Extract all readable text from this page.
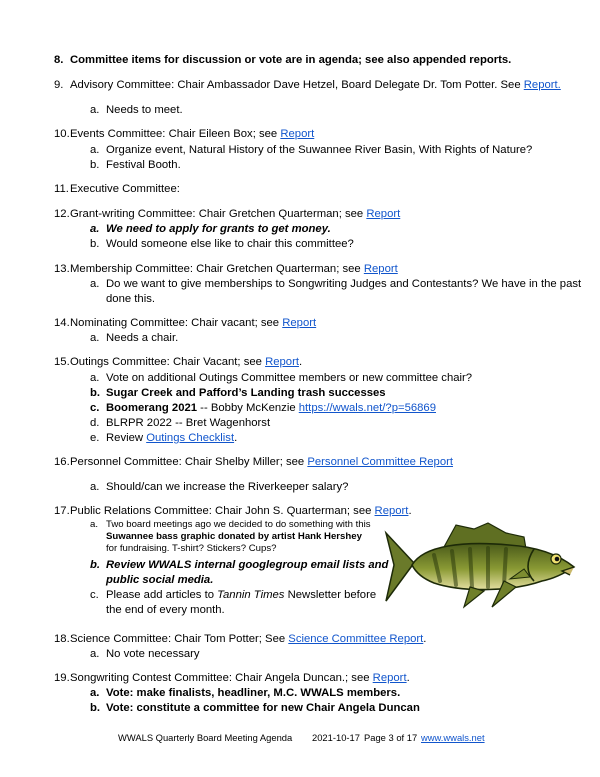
8. Committee items for discussion or vote are in agenda; see also appended reports.
9. Advisory Committee: Chair Ambassador Dave Hetzel, Board Delegate Dr. Tom Potter. See Report.
a. Needs to meet.
10. Events Committee: Chair Eileen Box; see Report
a. Organize event, Natural History of the Suwannee River Basin, With Rights of Nature?
b. Festival Booth.
11. Executive Committee:
12. Grant-writing Committee: Chair Gretchen Quarterman; see Report
a. We need to apply for grants to get money.
b. Would someone else like to chair this committee?
13. Membership Committee: Chair Gretchen Quarterman; see Report
a. Do we want to give memberships to Songwriting Judges and Contestants? We have in the past
done this.
14. Nominating Committee: Chair vacant; see Report
a. Needs a chair.
15. Outings Committee: Chair Vacant; see Report.
a. Vote on additional Outings Committee members or new committee chair?
b. Sugar Creek and Pafford’s Landing trash successes
c. Boomerang 2021 -- Bobby McKenzie https://wwals.net/?p=56869
d. BLRPR 2022 -- Bret Wagenhorst
e. Review Outings Checklist.
16. Personnel Committee: Chair Shelby Miller; see Personnel Committee Report
a. Should/can we increase the Riverkeeper salary?
17. Public Relations Committee: Chair John S. Quarterman; see Report.
a. Two board meetings ago we decided to do something with this
Suwannee bass graphic donated by artist Hank Hershey
for fundraising. T-shirt? Stickers? Cups?
b. Review WWALS internal googlegroup email lists and
public social media.
c. Please add articles to Tannin Times Newsletter before
the end of every month.
18. Science Committee: Chair Tom Potter; See Science Committee Report.
a. No vote necessary
19. Songwriting Contest Committee: Chair Angela Duncan.; see Report.
a. Vote: make finalists, headliner, M.C. WWALS members.
b. Vote: constitute a committee for new Chair Angela Duncan
WWALS Quarterly Board Meeting Agenda 2021-10-17 Page 3 of 17 www.wwals.net
